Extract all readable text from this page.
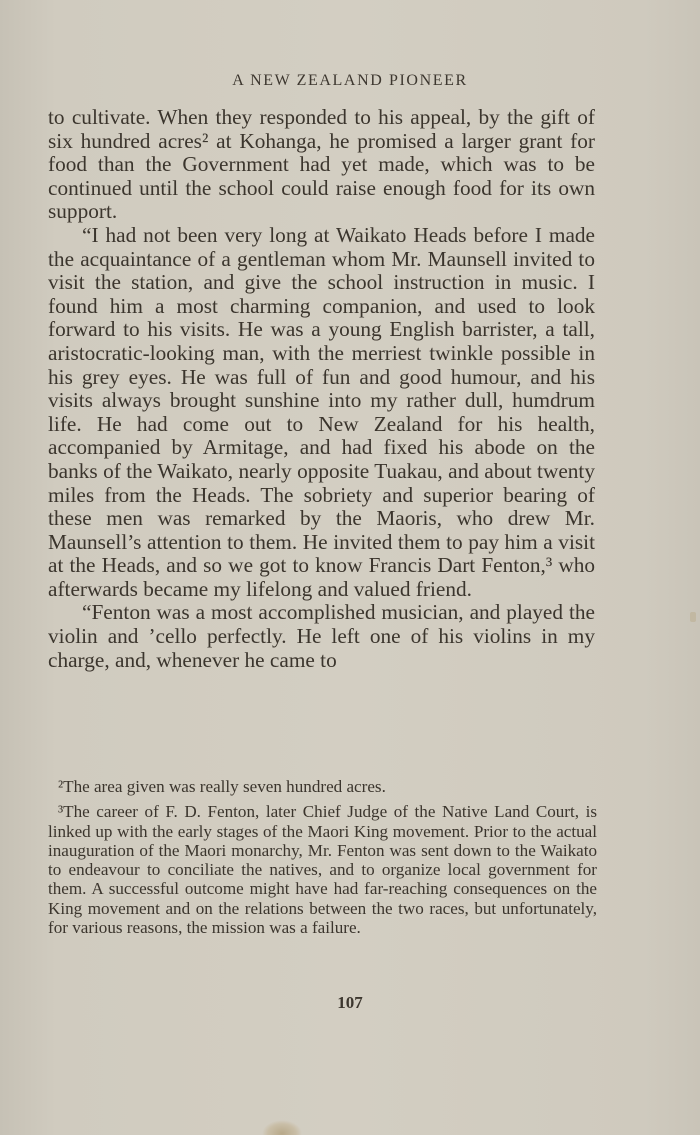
A NEW ZEALAND PIONEER

to cultivate. When they responded to his appeal, by the gift of six hundred acres² at Kohanga, he promised a larger grant for food than the Government had yet made, which was to be continued until the school could raise enough food for its own support.

“I had not been very long at Waikato Heads before I made the acquaintance of a gentleman whom Mr. Maunsell invited to visit the station, and give the school instruction in music. I found him a most charming companion, and used to look forward to his visits. He was a young English barrister, a tall, aristocratic-looking man, with the merriest twinkle possible in his grey eyes. He was full of fun and good humour, and his visits always brought sunshine into my rather dull, humdrum life. He had come out to New Zealand for his health, accompanied by Armitage, and had fixed his abode on the banks of the Waikato, nearly opposite Tuakau, and about twenty miles from the Heads. The sobriety and superior bearing of these men was remarked by the Maoris, who drew Mr. Maunsell’s attention to them. He invited them to pay him a visit at the Heads, and so we got to know Francis Dart Fenton,³ who afterwards became my lifelong and valued friend.

“Fenton was a most accomplished musician, and played the violin and ’cello perfectly. He left one of his violins in my charge, and, whenever he came to

²The area given was really seven hundred acres.

³The career of F. D. Fenton, later Chief Judge of the Native Land Court, is linked up with the early stages of the Maori King movement. Prior to the actual inauguration of the Maori monarchy, Mr. Fenton was sent down to the Waikato to endeavour to conciliate the natives, and to organize local government for them. A successful outcome might have had far-reaching consequences on the King movement and on the relations between the two races, but unfortunately, for various reasons, the mission was a failure.

107
